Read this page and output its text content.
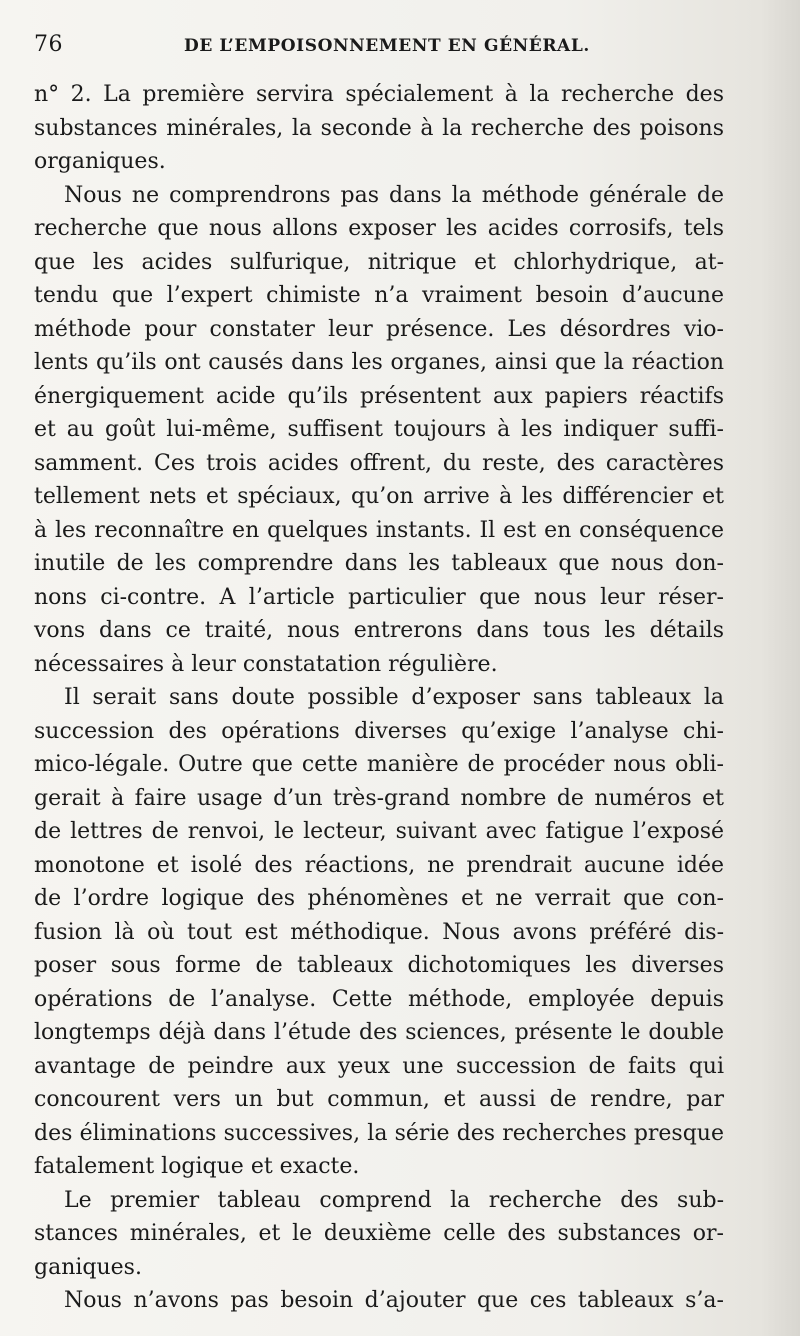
76	DE L’EMPOISONNEMENT EN GÉNÉRAL.
n° 2. La première servira spécialement à la recherche des
substances minérales, la seconde à la recherche des poisons
organiques.
Nous ne comprendrons pas dans la méthode générale de
recherche que nous allons exposer les acides corrosifs, tels
que les acides sulfurique, nitrique et chlorhydrique, at-
tendu que l’expert chimiste n’a vraiment besoin d’aucune
méthode pour constater leur présence. Les désordres vio-
lents qu’ils ont causés dans les organes, ainsi que la réaction
énergiquement acide qu’ils présentent aux papiers réactifs
et au goût lui-même, suffisent toujours à les indiquer suffi-
samment. Ces trois acides offrent, du reste, des caractères
tellement nets et spéciaux, qu’on arrive à les différencier et
à les reconnaître en quelques instants. Il est en conséquence
inutile de les comprendre dans les tableaux que nous don-
nons ci-contre. A l’article particulier que nous leur réser-
vons dans ce traité, nous entrerons dans tous les détails
nécessaires à leur constatation régulière.
Il serait sans doute possible d’exposer sans tableaux la
succession des opérations diverses qu’exige l’analyse chi-
mico-légale. Outre que cette manière de procéder nous obli-
gerait à faire usage d’un très-grand nombre de numéros et
de lettres de renvoi, le lecteur, suivant avec fatigue l’exposé
monotone et isolé des réactions, ne prendrait aucune idée
de l’ordre logique des phénomènes et ne verrait que con-
fusion là où tout est méthodique. Nous avons préféré dis-
poser sous forme de tableaux dichotomiques les diverses
opérations de l’analyse. Cette méthode, employée depuis
longtemps déjà dans l’étude des sciences, présente le double
avantage de peindre aux yeux une succession de faits qui
concourent vers un but commun, et aussi de rendre, par
des éliminations successives, la série des recherches presque
fatalement logique et exacte.
Le premier tableau comprend la recherche des sub-
stances minérales, et le deuxième celle des substances or-
ganiques.
Nous n’avons pas besoin d’ajouter que ces tableaux s’a-
